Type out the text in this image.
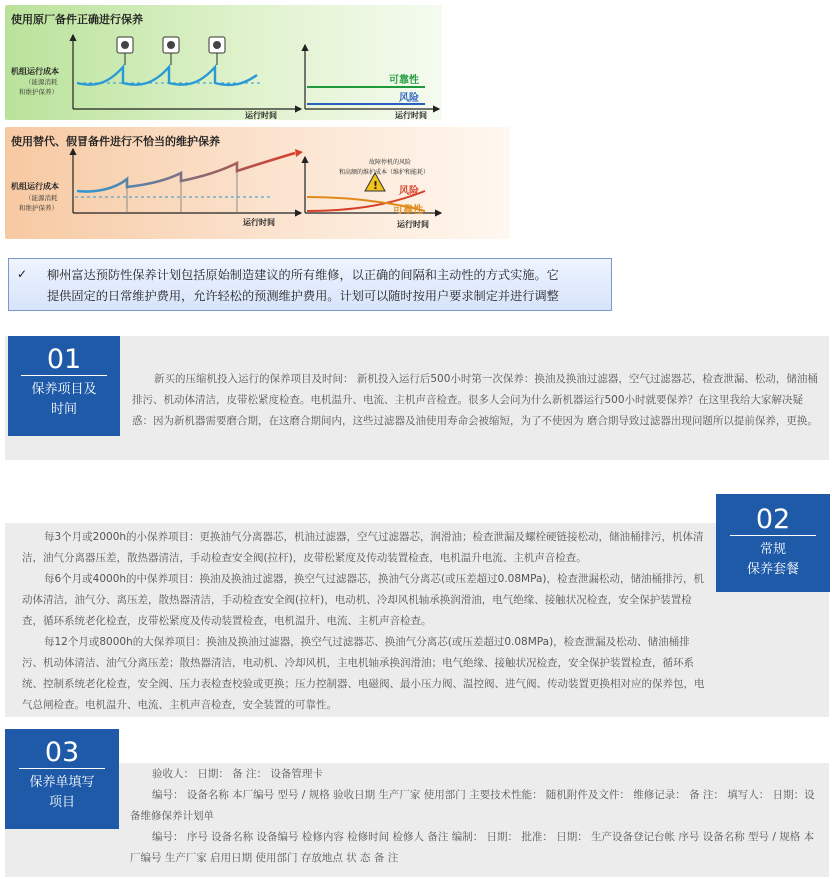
使用原厂备件正确进行保养
机组运行成本
（能源消耗
和维护保养）
运行时间
可靠性
风险
运行时间
使用替代、假冒备件进行不恰当的维护保养
!
机组运行成本
（能源消耗
和维护保养）
运行时间
故障停机的风险
和高额的维护成本（维护和能耗）
风险
可靠性
运行时间
✓ 柳州富达预防性保养计划包括原始制造建议的所有维修，以正确的间隔和主动性的方式实施。它
提供固定的日常维护费用，允许轻松的预测维护费用。计划可以随时按用户要求制定并进行调整
01
保养项目及
时间

新买的压缩机投入运行的保养项目及时间： 新机投入运行后500小时第一次保养：换油及换油过滤器，空气过滤器芯，检查泄漏、松动，储油桶排污、机动体清洁，皮带松紧度检查。电机温升、电流、主机声音检查。很多人会问为什么新机器运行500小时就要保养？在这里我给大家解决疑惑：因为新机器需要磨合期，在这磨合期间内，这些过滤器及油使用寿命会被缩短，为了不使因为 磨合期导致过滤器出现问题所以提前保养，更换。

02
常规
保养套餐

每3个月或2000h的小保养项目：更换油气分离器芯，机油过滤器，空气过滤器芯，润滑油；检查泄漏及螺栓硬链接松动，储油桶排污，机体清洁，油气分离器压差，散热器清洁，手动检查安全阀(拉杆)，皮带松紧度及传动装置检查，电机温升电流、主机声音检查。

每6个月或4000h的中保养项目：换油及换油过滤器，换空气过滤器芯，换油气分离芯(或压差超过0.08MPa)，检查泄漏松动，储油桶排污，机动体清洁，油气分、离压差，散热器清洁，手动检查安全阀(拉杆)，电动机、冷却风机轴承换润滑油，电气绝缘、接触状况检查，安全保护装置检查，循环系统老化检查，皮带松紧度及传动装置检查，电机温升、电流、主机声音检查。

每12个月或8000h的大保养项目：换油及换油过滤器，换空气过滤器芯、换油气分离芯(或压差超过0.08MPa)，检查泄漏及松动、储油桶排污、机动体清洁、油气分离压差；散热器清洁，电动机、冷却风机，主电机轴承换润滑油；电气绝缘、接触状况检查，安全保护装置检查，循环系统、控制系统老化检查，安全阀、压力表检查校验或更换；压力控制器、电磁阀、最小压力阀、温控阀、进气阀、传动装置更换相对应的保养包，电气总闸检查。电机温升、电流、主机声音检查，安全装置的可靠性。

03
保养单填写
项目

验收人： 日期： 备 注： 设备管理卡

编号： 设备名称 本厂编号 型号 / 规格 验收日期 生产厂家 使用部门 主要技术性能： 随机附件及文件： 维修记录： 备 注： 填写人： 日期：设备维修保养计划单

编号： 序号 设备名称 设备编号 检修内容 检修时间 检修人 备注 编制： 日期： 批准： 日期： 生产设备登记台帐 序号 设备名称 型号 / 规格 本厂编号 生产厂家 启用日期 使用部门 存放地点 状 态 备 注
